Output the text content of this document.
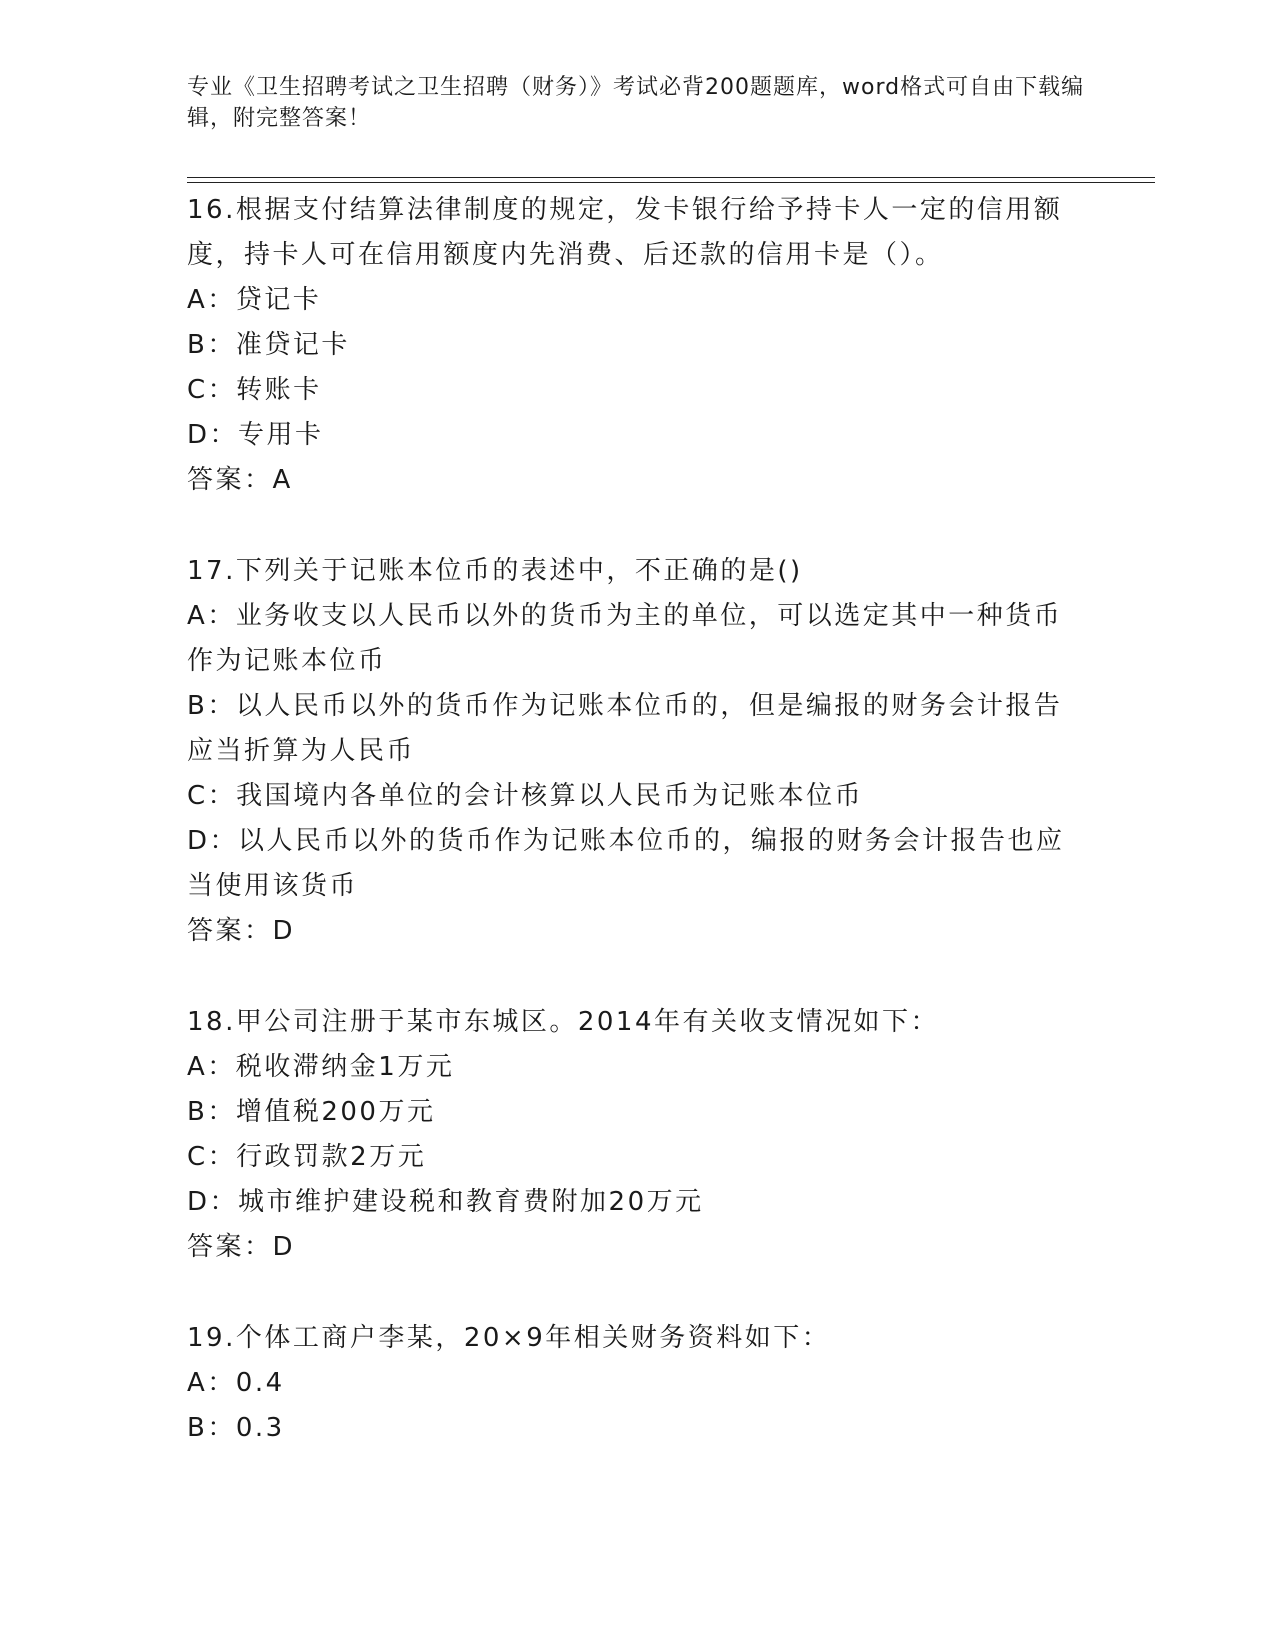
专业《卫生招聘考试之卫生招聘（财务）》考试必背200题题库，word格式可自由下载编辑，附完整答案！

16.根据支付结算法律制度的规定，发卡银行给予持卡人一定的信用额度，持卡人可在信用额度内先消费、后还款的信用卡是（）。

A：贷记卡

B：准贷记卡

C：转账卡

D：专用卡

答案：A

17.下列关于记账本位币的表述中，不正确的是()

A：业务收支以人民币以外的货币为主的单位，可以选定其中一种货币作为记账本位币

B：以人民币以外的货币作为记账本位币的，但是编报的财务会计报告应当折算为人民币

C：我国境内各单位的会计核算以人民币为记账本位币

D：以人民币以外的货币作为记账本位币的，编报的财务会计报告也应当使用该货币

答案：D

18.甲公司注册于某市东城区。2014年有关收支情况如下：

A：税收滞纳金1万元

B：增值税200万元

C：行政罚款2万元

D：城市维护建设税和教育费附加20万元

答案：D

19.个体工商户李某，20×9年相关财务资料如下：

A：0.4

B：0.3
